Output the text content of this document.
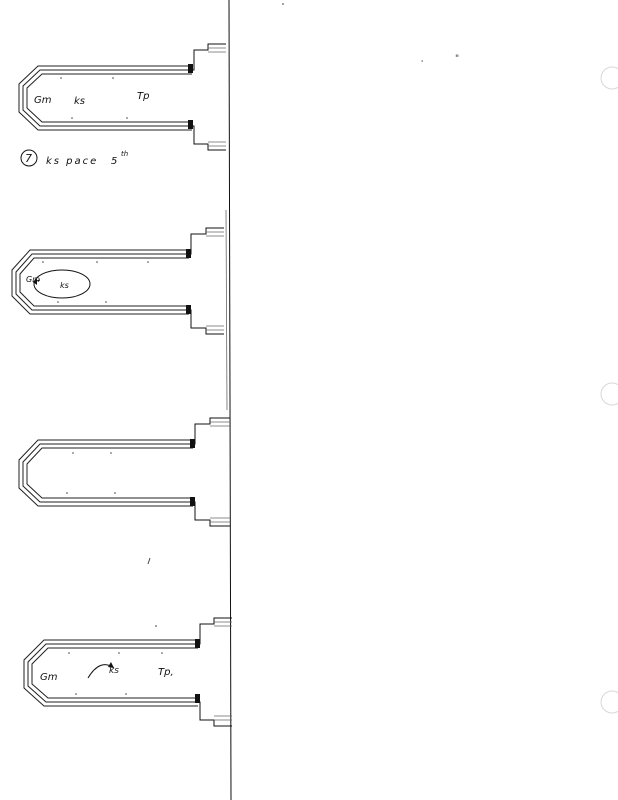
'	"
Gm ks	Tp
7 ks pace 5
th
Gm
ks
Gm
ks	Tp,
